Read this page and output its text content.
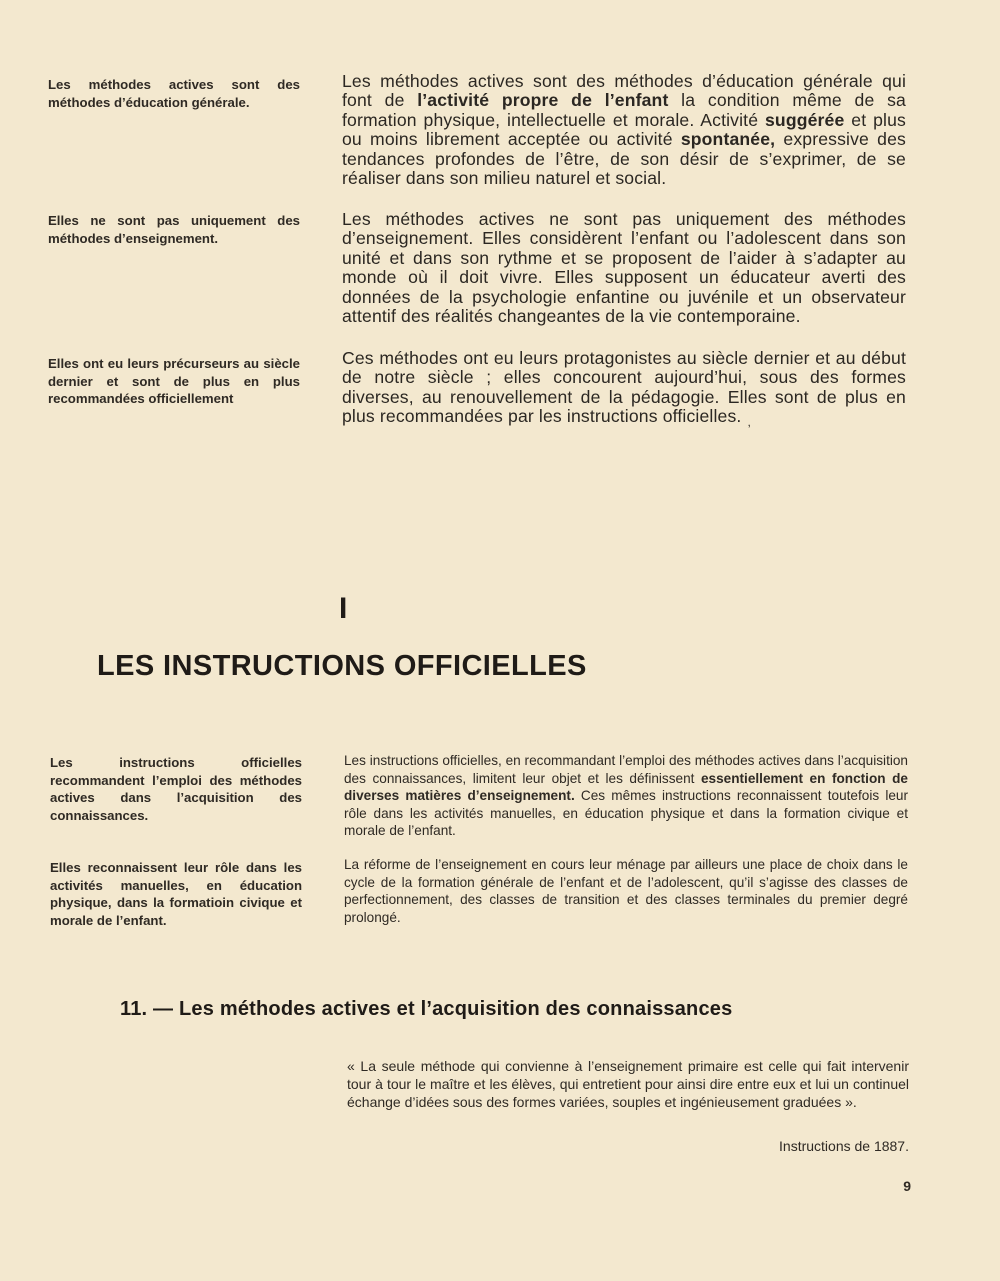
Les méthodes actives sont des méthodes d’éducation générale.
Les méthodes actives sont des méthodes d’éducation générale qui font de l’activité propre de l’enfant la condition même de sa formation physique, intellectuelle et morale. Activité suggérée et plus ou moins librement acceptée ou activité spontanée, expressive des tendances profondes de l’être, de son désir de s’exprimer, de se réaliser dans son milieu naturel et social.
Elles ne sont pas uniquement des méthodes d’enseignement.
Les méthodes actives ne sont pas uniquement des méthodes d’enseignement. Elles considèrent l’enfant ou l’adolescent dans son unité et dans son rythme et se proposent de l’aider à s’adapter au monde où il doit vivre. Elles supposent un éducateur averti des données de la psychologie enfantine ou juvénile et un observateur attentif des réalités changeantes de la vie contemporaine.
Elles ont eu leurs précurseurs au siècle dernier et sont de plus en plus recommandées officiellement
Ces méthodes ont eu leurs protagonistes au siècle dernier et au début de notre siècle ; elles concourent aujourd’hui, sous des formes diverses, au renouvellement de la pédagogie. Elles sont de plus en plus recommandées par les instructions officielles. $_,$
I
LES INSTRUCTIONS OFFICIELLES
Les instructions officielles recommandent l’emploi des méthodes actives dans l’acquisition des connaissances.
Les instructions officielles, en recommandant l’emploi des méthodes actives dans l’acquisition des connaissances, limitent leur objet et les définissent essentiellement en fonction de diverses matières d’enseignement. Ces mêmes instructions reconnaissent toutefois leur rôle dans les activités manuelles, en éducation physique et dans la formation civique et morale de l’enfant.
Elles reconnaissent leur rôle dans les activités manuelles, en éducation physique, dans la formatioin civique et morale de l’enfant.
La réforme de l’enseignement en cours leur ménage par ailleurs une place de choix dans le cycle de la formation générale de l’enfant et de l’adolescent, qu’il s’agisse des classes de perfectionnement, des classes de transition et des classes terminales du premier degré prolongé.
11. — Les méthodes actives et l’acquisition des connaissances
« La seule méthode qui convienne à l’enseignement primaire est celle qui fait intervenir tour à tour le maître et les élèves, qui entretient pour ainsi dire entre eux et lui un continuel échange d’idées sous des formes variées, souples et ingénieusement graduées ».
Instructions de 1887.
9
